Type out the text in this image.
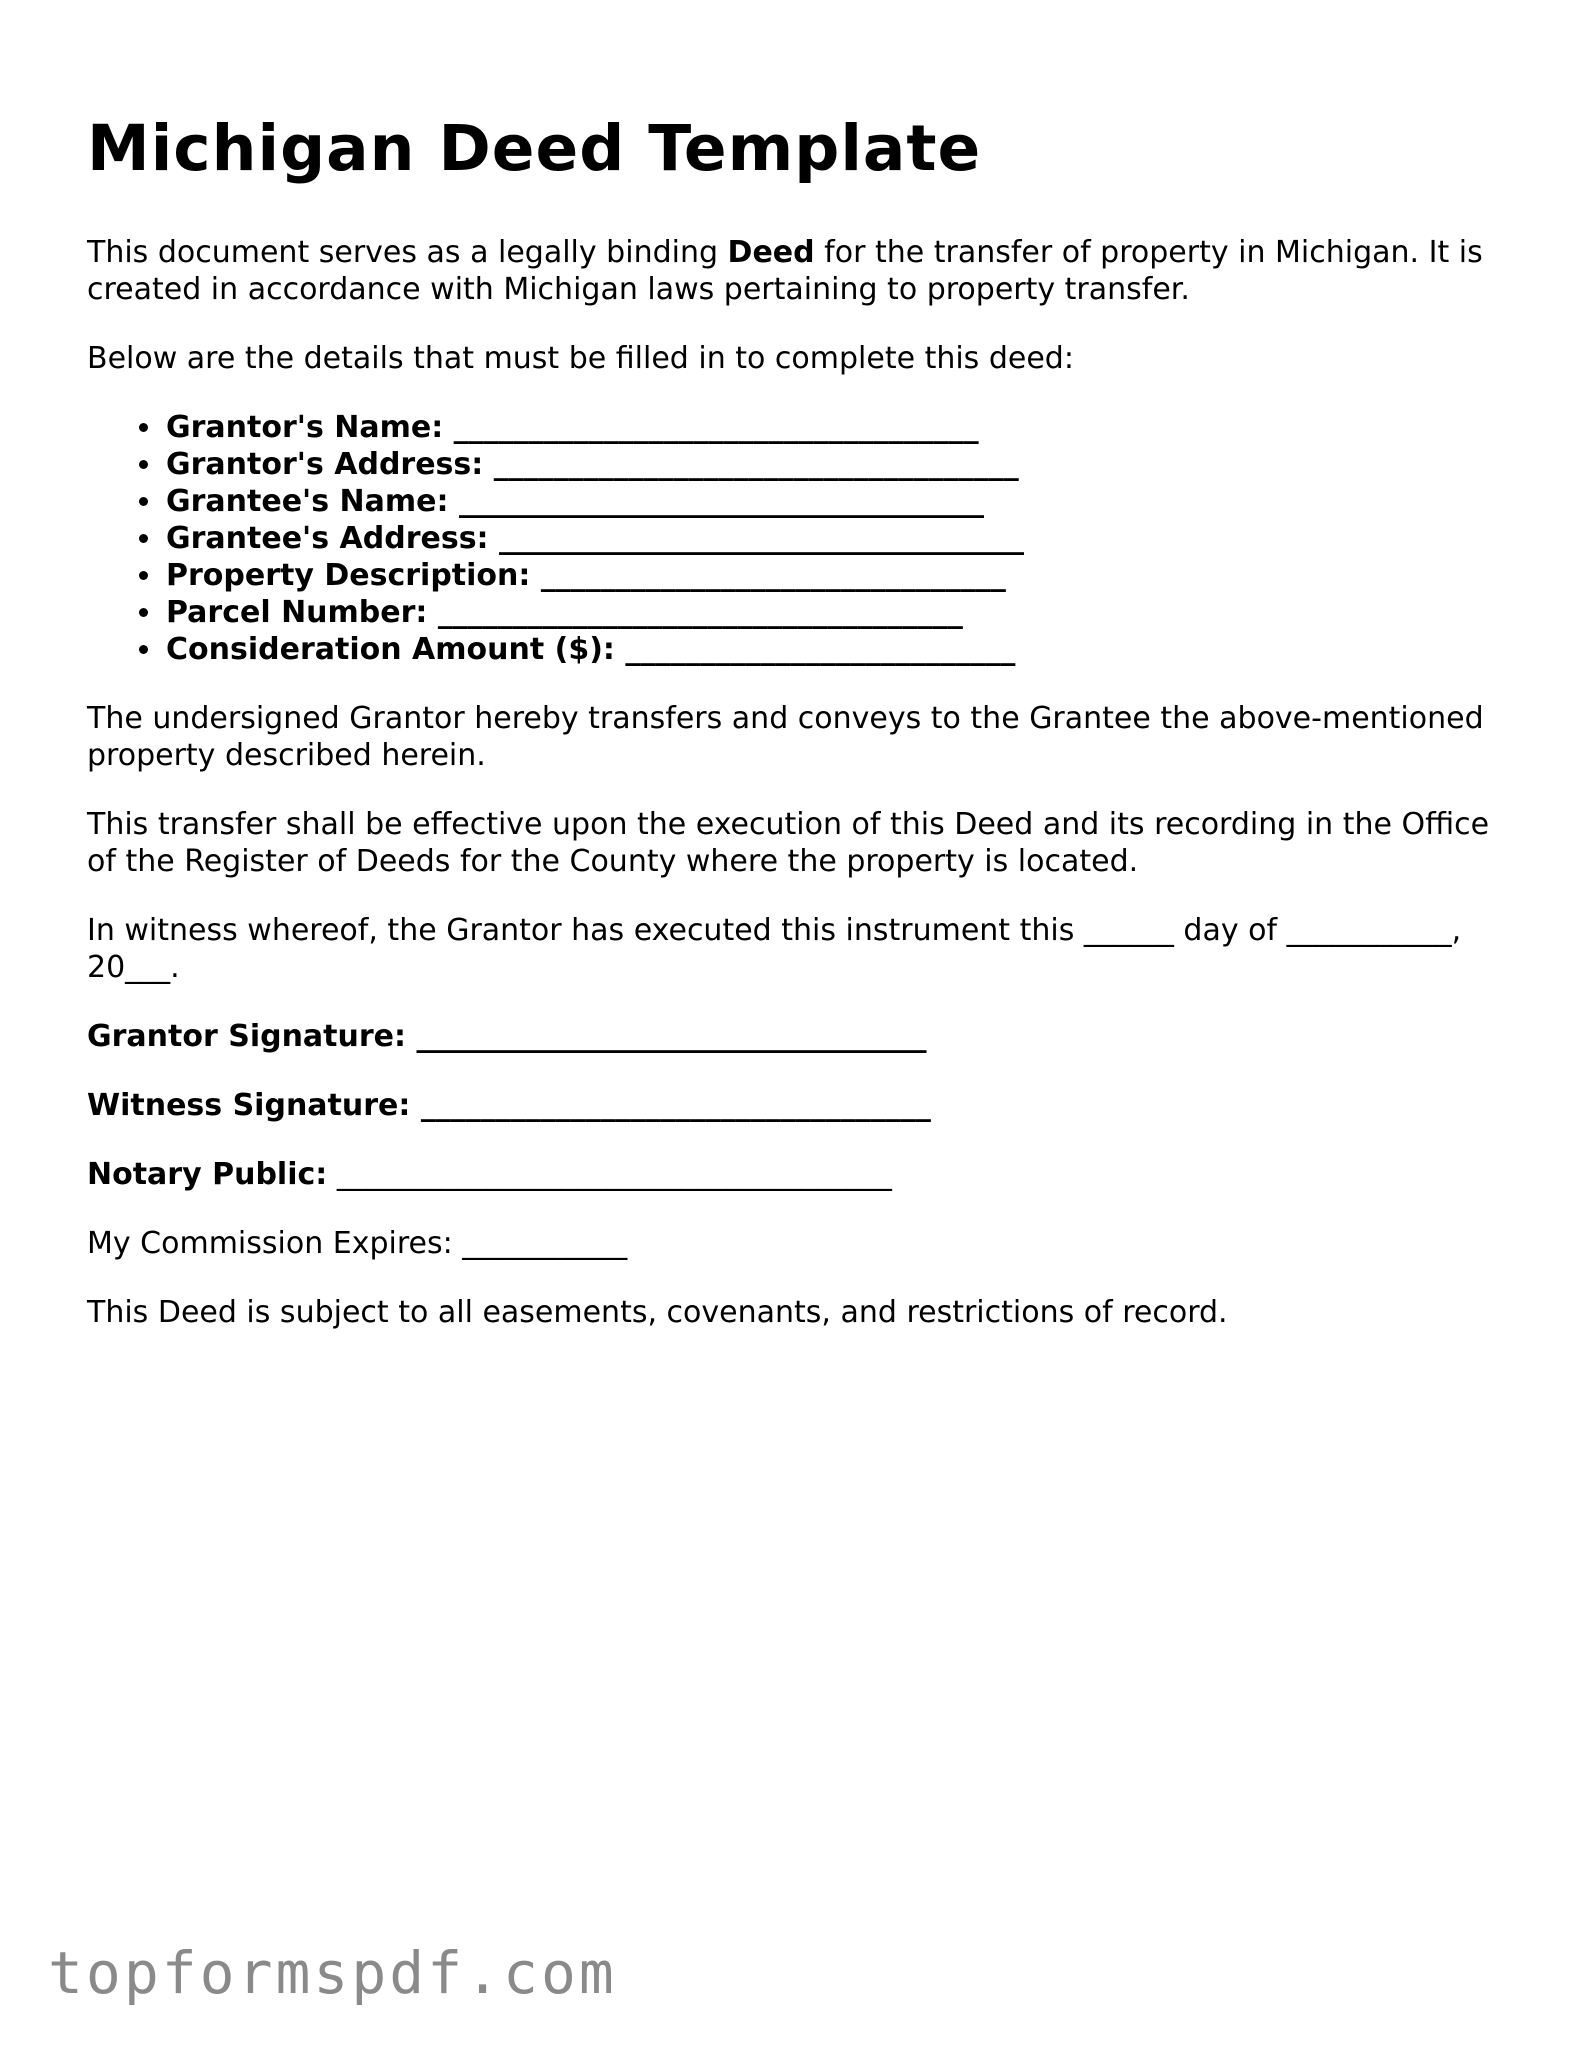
Michigan Deed Template

This document serves as a legally binding Deed for the transfer of property in Michigan. It is created in accordance with Michigan laws pertaining to property transfer.

Below are the details that must be filled in to complete this deed:

• Grantor's Name: ___________________________________
• Grantor's Address: ___________________________________
• Grantee's Name: ___________________________________
• Grantee's Address: ___________________________________
• Property Description: _______________________________
• Parcel Number: ___________________________________
• Consideration Amount ($): __________________________

The undersigned Grantor hereby transfers and conveys to the Grantee the above-mentioned property described herein.

This transfer shall be effective upon the execution of this Deed and its recording in the Office of the Register of Deeds for the County where the property is located.

In witness whereof, the Grantor has executed this instrument this ______ day of ___________, 20___.

Grantor Signature: __________________________________

Witness Signature: __________________________________

Notary Public: _____________________________________

My Commission Expires: ___________

This Deed is subject to all easements, covenants, and restrictions of record.

topformspdf.com
